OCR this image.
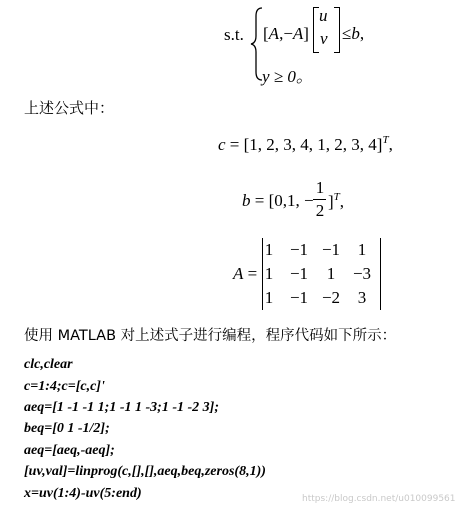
s.t. [A,−A]
u
v ≤b,
y ≥ 0。
上述公式中：
c = [1, 2, 3, 4, 1, 2, 3, 4]$^T$,
b = [0,1, −
1
2 ]$^T$,
A =
1 −1 −1	1
1 −1	1	−3
1 −1 −2	3
使用 MATLAB 对上述式子进行编程，程序代码如下所示：
clc,clear
c=1:4;c=[c,c]'
aeq=[1 -1 -1 1;1 -1 1 -3;1 -1 -2 3];
beq=[0 1 -1/2];
aeq=[aeq,-aeq];
[uv,val]=linprog(c,[],[],aeq,beq,zeros(8,1))
x=uv(1:4)-uv(5:end)	https://blog.csdn.net/u010099561
